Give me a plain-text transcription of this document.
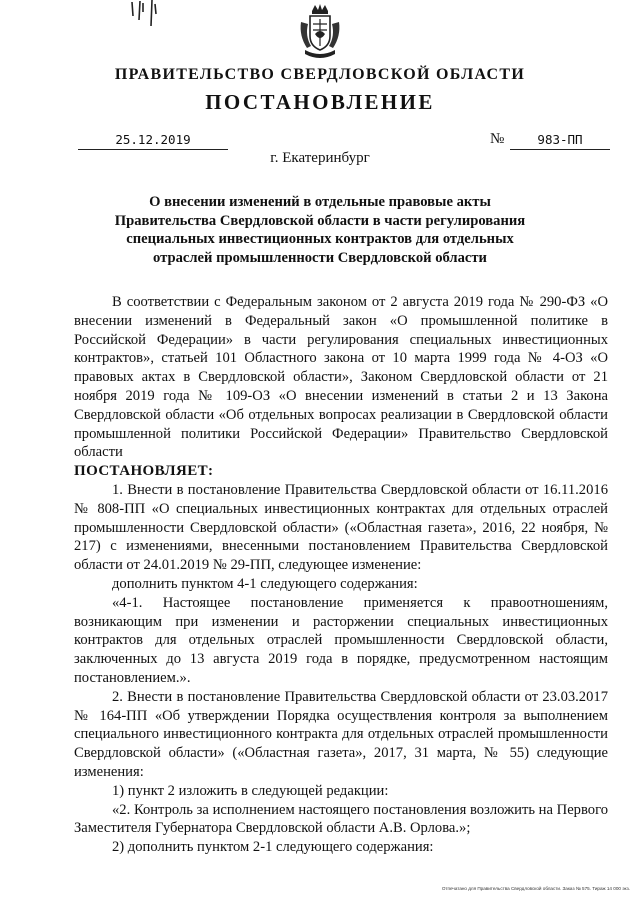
ПРАВИТЕЛЬСТВО СВЕРДЛОВСКОЙ ОБЛАСТИ
ПОСТАНОВЛЕНИЕ
25.12.2019	№	983-ПП
г. Екатеринбург
О внесении изменений в отдельные правовые акты Правительства Свердловской области в части регулирования специальных инвестиционных контрактов для отдельных отраслей промышленности Свердловской области

В соответствии с Федеральным законом от 2 августа 2019 года № 290-ФЗ «О внесении изменений в Федеральный закон «О промышленной политике в Российской Федерации» в части регулирования специальных инвестиционных контрактов», статьей 101 Областного закона от 10 марта 1999 года № 4-ОЗ «О правовых актах в Свердловской области», Законом Свердловской области от 21 ноября 2019 года № 109-ОЗ «О внесении изменений в статьи 2 и 13 Закона Свердловской области «Об отдельных вопросах реализации в Свердловской области промышленной политики Российской Федерации» Правительство Свердловской области

ПОСТАНОВЛЯЕТ:

1. Внести в постановление Правительства Свердловской области от 16.11.2016 № 808-ПП «О специальных инвестиционных контрактах для отдельных отраслей промышленности Свердловской области» («Областная газета», 2016, 22 ноября, № 217) с изменениями, внесенными постановлением Правительства Свердловской области от 24.01.2019 № 29-ПП, следующее изменение:

дополнить пунктом 4-1 следующего содержания:

«4-1. Настоящее постановление применяется к правоотношениям, возникающим при изменении и расторжении специальных инвестиционных контрактов для отдельных отраслей промышленности Свердловской области, заключенных до 13 августа 2019 года в порядке, предусмотренном настоящим постановлением.».

2. Внести в постановление Правительства Свердловской области от 23.03.2017 № 164-ПП «Об утверждении Порядка осуществления контроля за выполнением специального инвестиционного контракта для отдельных отраслей промышленности Свердловской области» («Областная газета», 2017, 31 марта, № 55) следующие изменения:

1) пункт 2 изложить в следующей редакции:

«2. Контроль за исполнением настоящего постановления возложить на Первого Заместителя Губернатора Свердловской области А.В. Орлова.»;

2) дополнить пунктом 2-1 следующего содержания:

Отпечатано для Правительства Свердловской области. Заказ № 575. Тираж 14 000 экз.
